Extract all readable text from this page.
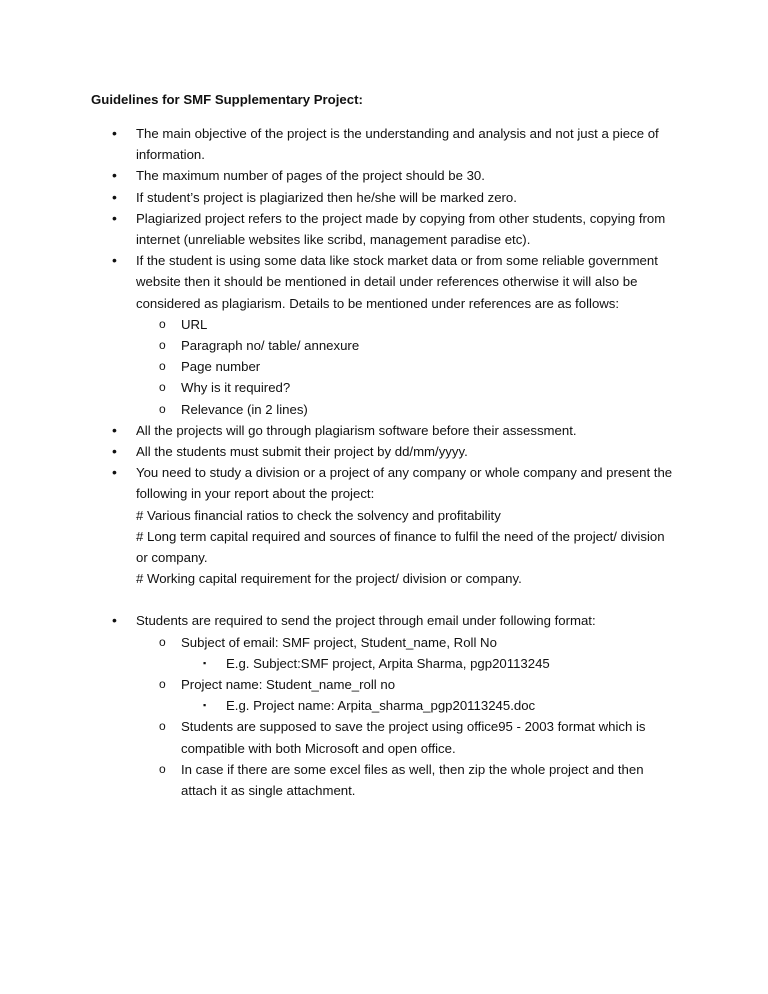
Guidelines for SMF Supplementary Project:
• The main objective of the project is the understanding and analysis and not just a piece of information.
• The maximum number of pages of the project should be 30.
• If student’s project is plagiarized then he/she will be marked zero.
• Plagiarized project refers to the project made by copying from other students, copying from internet (unreliable websites like scribd, management paradise etc).
• If the student is using some data like stock market data or from some reliable government website then it should be mentioned in detail under references otherwise it will also be considered as plagiarism. Details to be mentioned under references are as follows:
o URL
o Paragraph no/ table/ annexure
o Page number
o Why is it required?
o Relevance (in 2 lines)
• All the projects will go through plagiarism software before their assessment.
• All the students must submit their project by dd/mm/yyyy.
• You need to study a division or a project of any company or whole company and present the following in your report about the project:
# Various financial ratios to check the solvency and profitability
# Long term capital required and sources of finance to fulfil the need of the project/ division or company.
# Working capital requirement for the project/ division or company.
• Students are required to send the project through email under following format:
o Subject of email: SMF project, Student_name, Roll No
▪ E.g. Subject:SMF project, Arpita Sharma, pgp20113245
o Project name: Student_name_roll no
▪ E.g. Project name: Arpita_sharma_pgp20113245.doc
o Students are supposed to save the project using office95 - 2003 format which is compatible with both Microsoft and open office.
o In case if there are some excel files as well, then zip the whole project and then attach it as single attachment.
